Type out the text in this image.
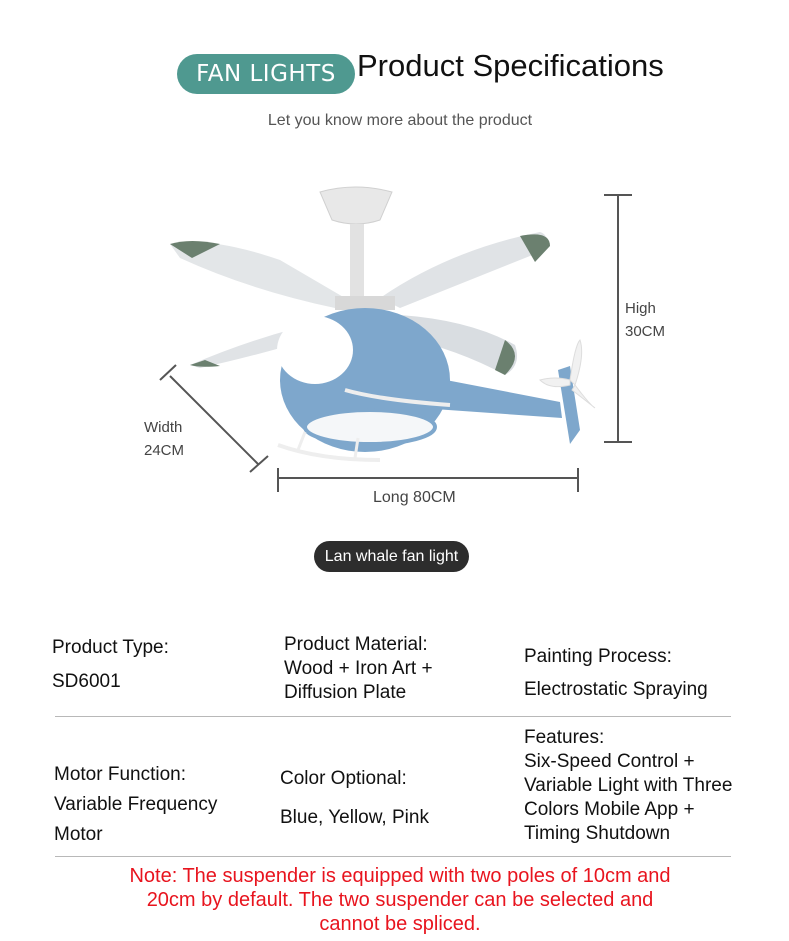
FAN LIGHTS Product Specifications
Let you know more about the product
High
30CM
Width
24CM
Long 80CM
Lan whale fan light
Product Type:
SD6001
Product Material:
Wood + Iron Art +
Diffusion Plate
Painting Process:
Electrostatic Spraying
Motor Function:
Variable Frequency
Motor
Color Optional:
Blue, Yellow, Pink
Features:
Six-Speed Control +
Variable Light with Three
Colors Mobile App +
Timing Shutdown
Note: The suspender is equipped with two poles of 10cm and
20cm by default. The two suspender can be selected and
cannot be spliced.
